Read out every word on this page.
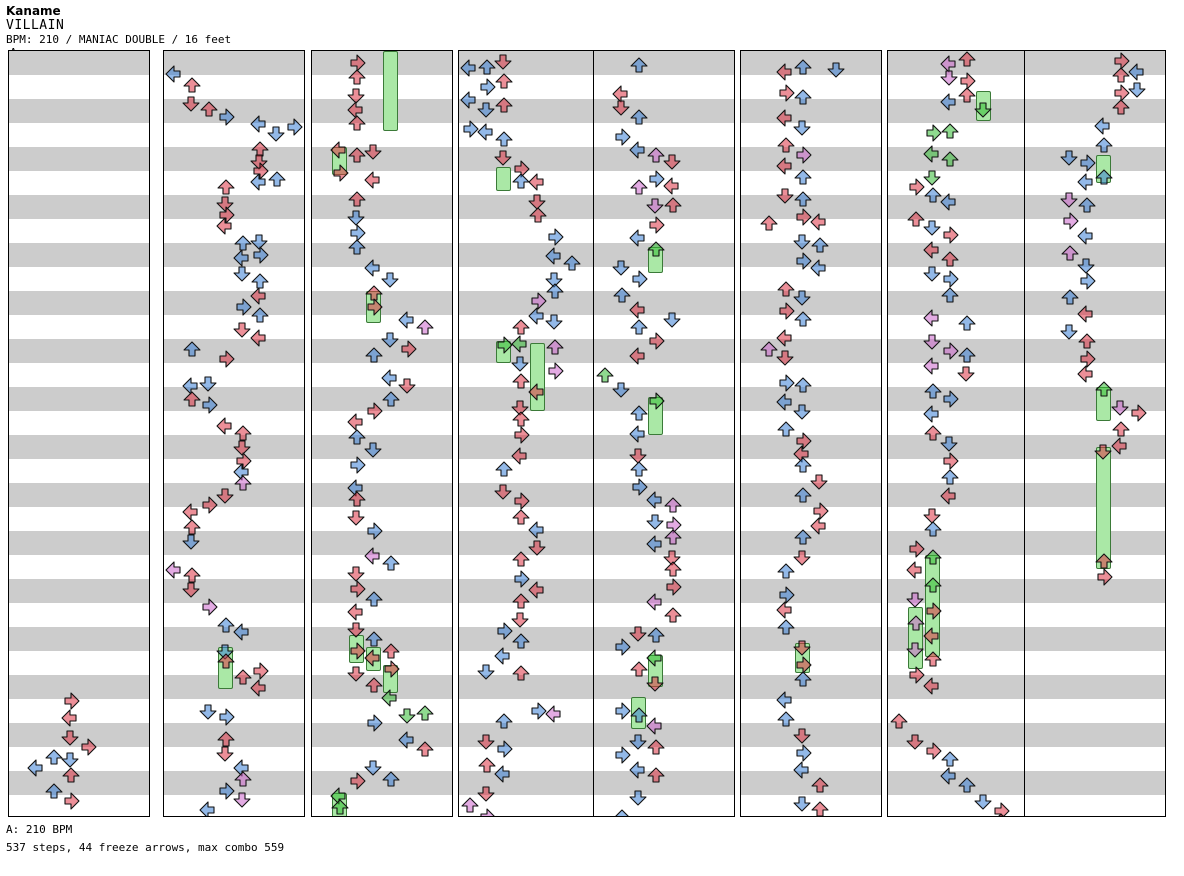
Kaname
VILLAIN
BPM: 210 / MANIAC DOUBLE / 16 feet
A: 210 BPM
537 steps, 44 freeze arrows, max combo 559
